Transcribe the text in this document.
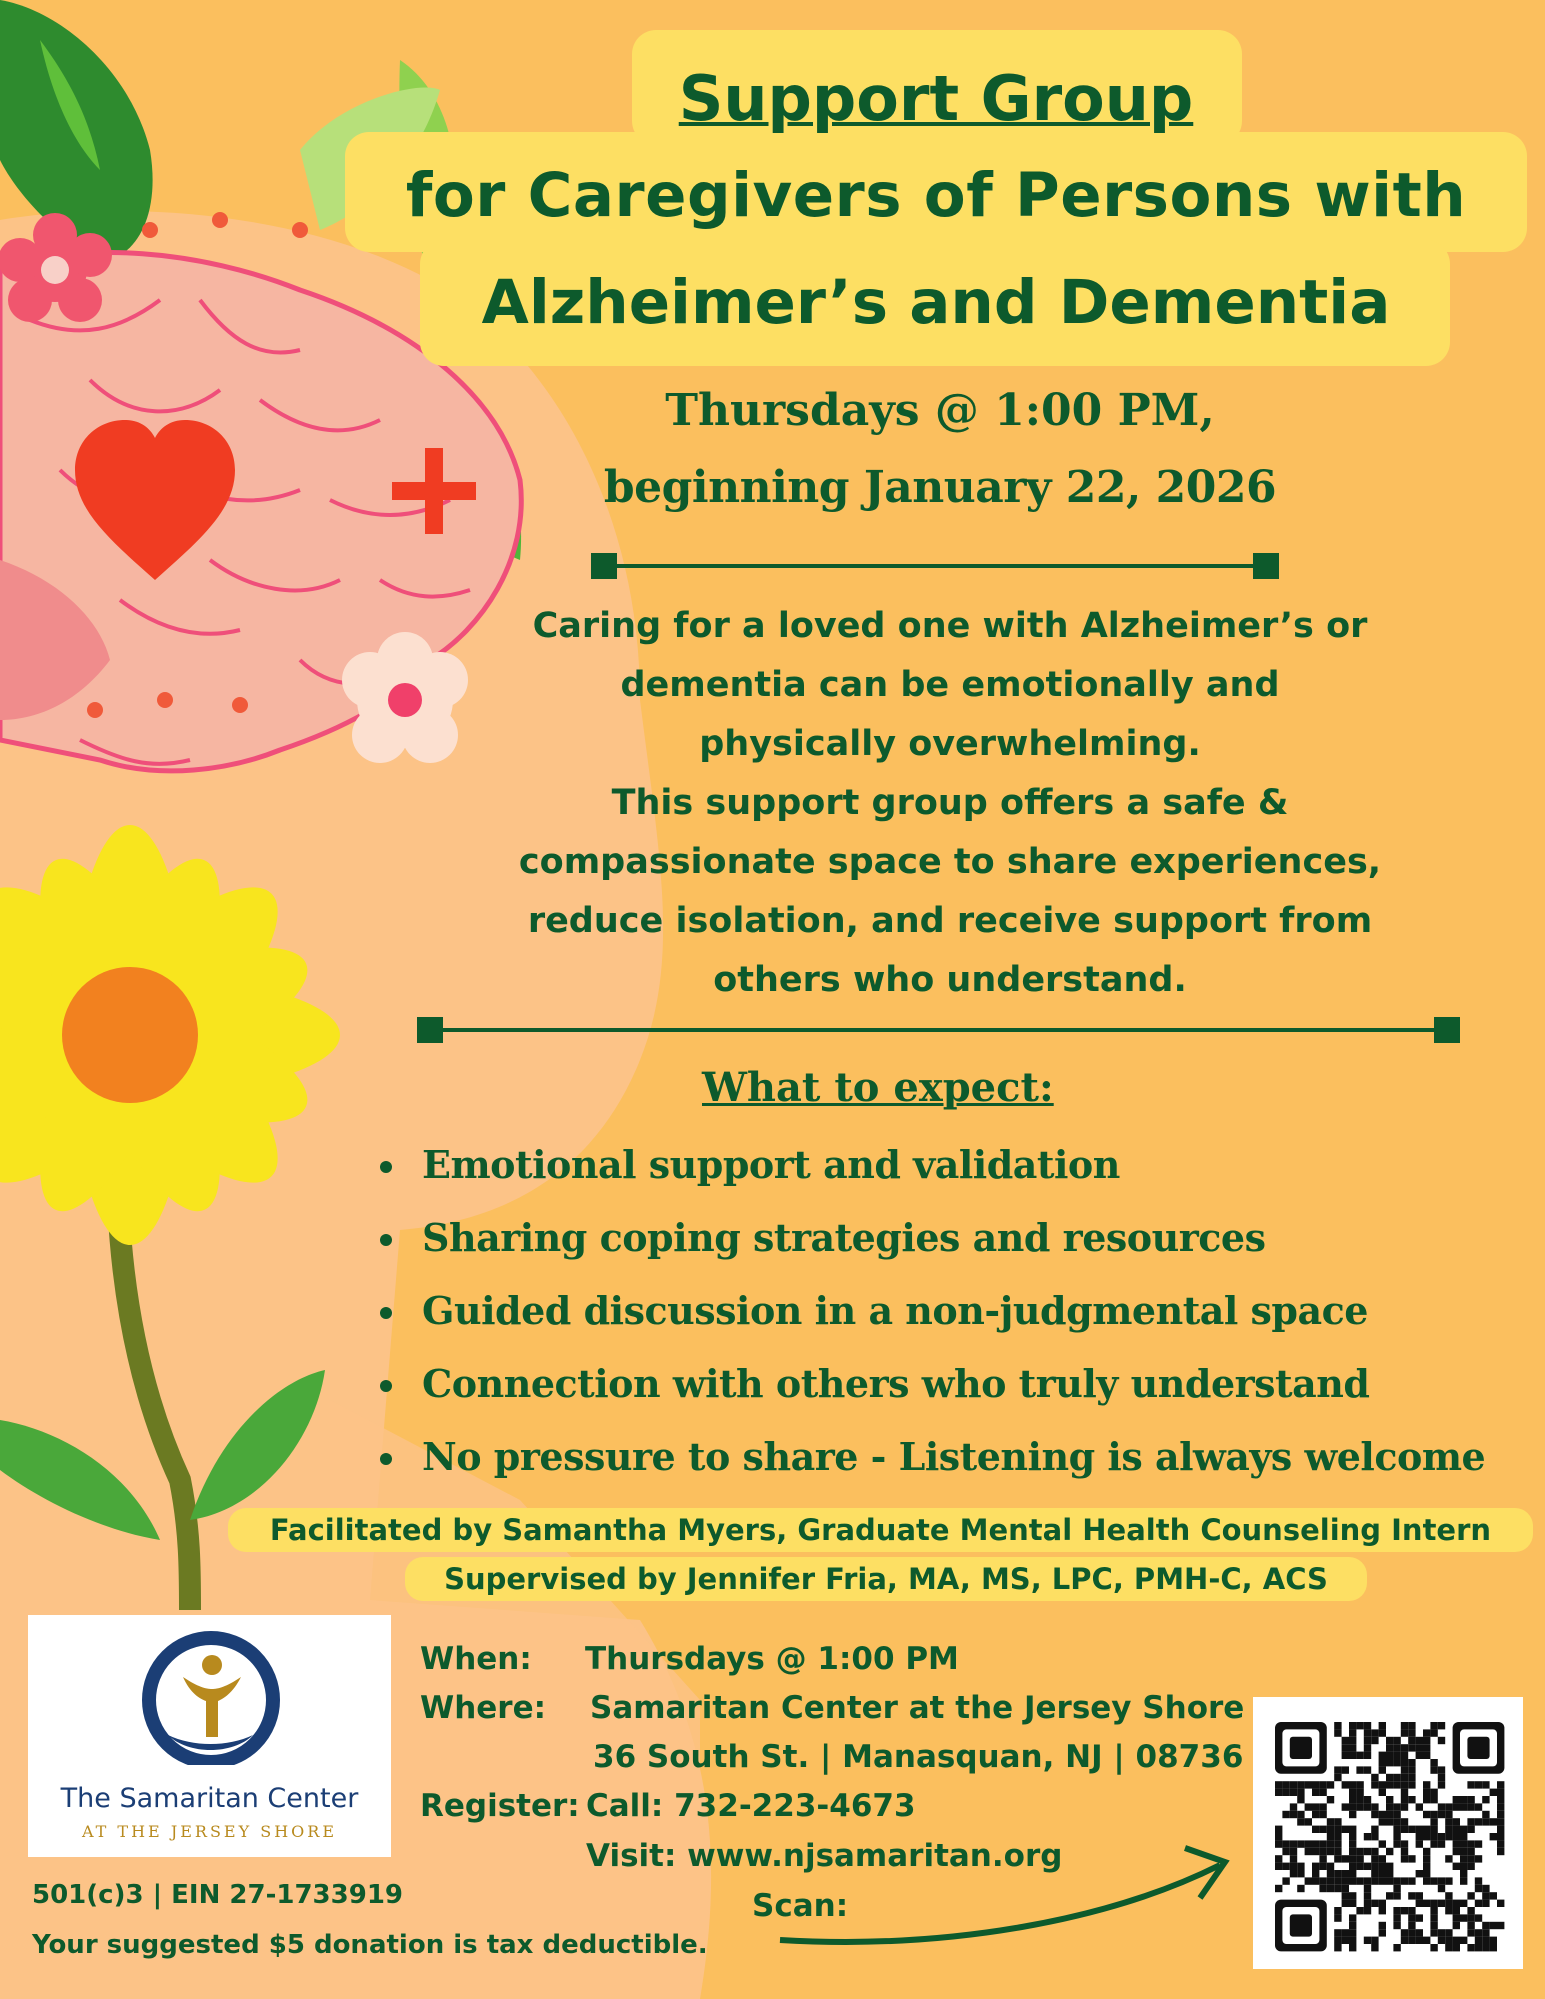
Support Group
for Caregivers of Persons with
Alzheimer’s and Dementia
Thursdays @ 1:00 PM,
beginning January 22, 2026
Caring for a loved one with Alzheimer’s or
dementia can be emotionally and
physically overwhelming.
This support group offers a safe &
compassionate space to share experiences,
reduce isolation, and receive support from
others who understand.
What to expect:
Emotional support and validation
Sharing coping strategies and resources
Guided discussion in a non-judgmental space
Connection with others who truly understand
No pressure to share - Listening is always welcome
Facilitated by Samantha Myers, Graduate Mental Health Counseling Intern
Supervised by Jennifer Fria, MA, MS, LPC, PMH-C, ACS
The Samaritan Center
AT THE JERSEY SHORE
When: Thursdays @ 1:00 PM
Where: Samaritan Center at the Jersey Shore
36 South St. | Manasquan, NJ | 08736
Register: Call: 732-223-4673
Visit: www.njsamaritan.org
Scan:
501(c)3 | EIN 27-1733919
Your suggested $5 donation is tax deductible.
